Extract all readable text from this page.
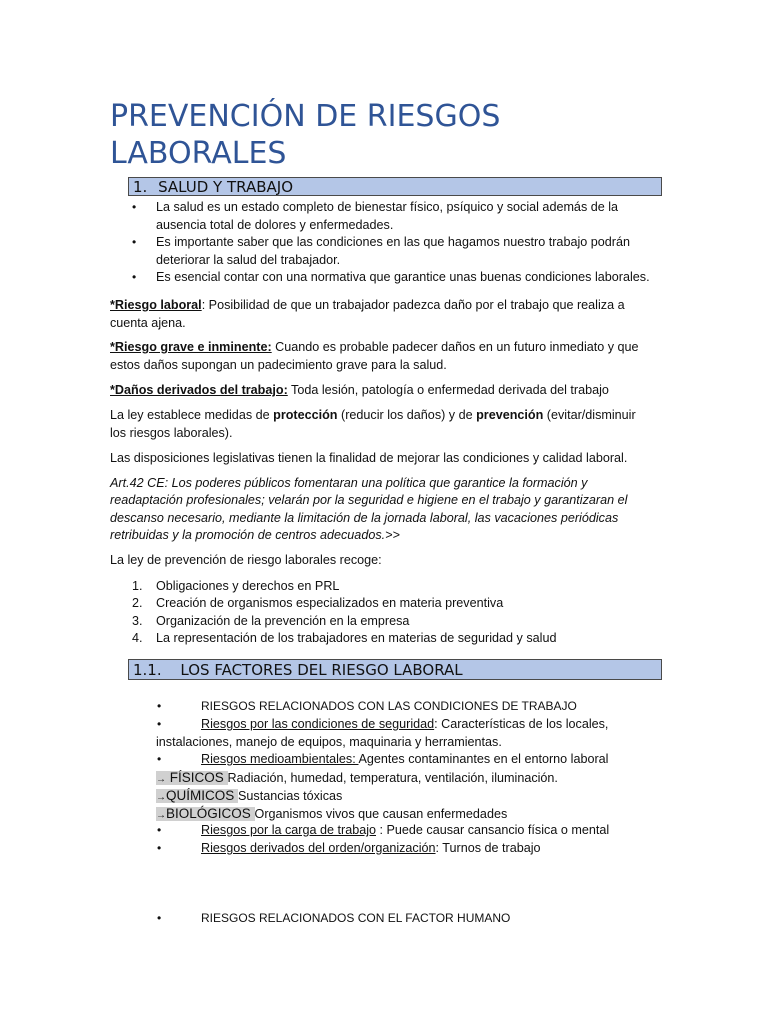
PREVENCIÓN DE RIESGOS LABORALES
1. SALUD Y TRABAJO
• La salud es un estado completo de bienestar físico, psíquico y social además de la
ausencia total de dolores y enfermedades.
• Es importante saber que las condiciones en las que hagamos nuestro trabajo podrán
deteriorar la salud del trabajador.
• Es esencial contar con una normativa que garantice unas buenas condiciones laborales.
*Riesgo laboral: Posibilidad de que un trabajador padezca daño por el trabajo que realiza a
cuenta ajena.
*Riesgo grave e inminente: Cuando es probable padecer daños en un futuro inmediato y que
estos daños supongan un padecimiento grave para la salud.
*Daños derivados del trabajo: Toda lesión, patología o enfermedad derivada del trabajo
La ley establece medidas de protección (reducir los daños) y de prevención (evitar/disminuir
los riesgos laborales).
Las disposiciones legislativas tienen la finalidad de mejorar las condiciones y calidad laboral.
Art.42 CE: Los poderes públicos fomentaran una política que garantice la formación y
readaptación profesionales; velarán por la seguridad e higiene en el trabajo y garantizaran el
descanso necesario, mediante la limitación de la jornada laboral, las vacaciones periódicas
retribuidas y la promoción de centros adecuados.>>
La ley de prevención de riesgo laborales recoge:
1. Obligaciones y derechos en PRL
2. Creación de organismos especializados en materia preventiva
3. Organización de la prevención en la empresa
4. La representación de los trabajadores en materias de seguridad y salud
1.1. LOS FACTORES DEL RIESGO LABORAL
•	RIESGOS RELACIONADOS CON LAS CONDICIONES DE TRABAJO
•	Riesgos por las condiciones de seguridad: Características de los locales,
instalaciones, manejo de equipos, maquinaria y herramientas.
•	Riesgos medioambientales: Agentes contaminantes en el entorno laboral
→ FÍSICOS Radiación, humedad, temperatura, ventilación, iluminación.
→QUÍMICOS Sustancias tóxicas
→BIOLÓGICOS Organismos vivos que causan enfermedades
•	Riesgos por la carga de trabajo : Puede causar cansancio física o mental
•	Riesgos derivados del orden/organización: Turnos de trabajo
•	RIESGOS RELACIONADOS CON EL FACTOR HUMANO
